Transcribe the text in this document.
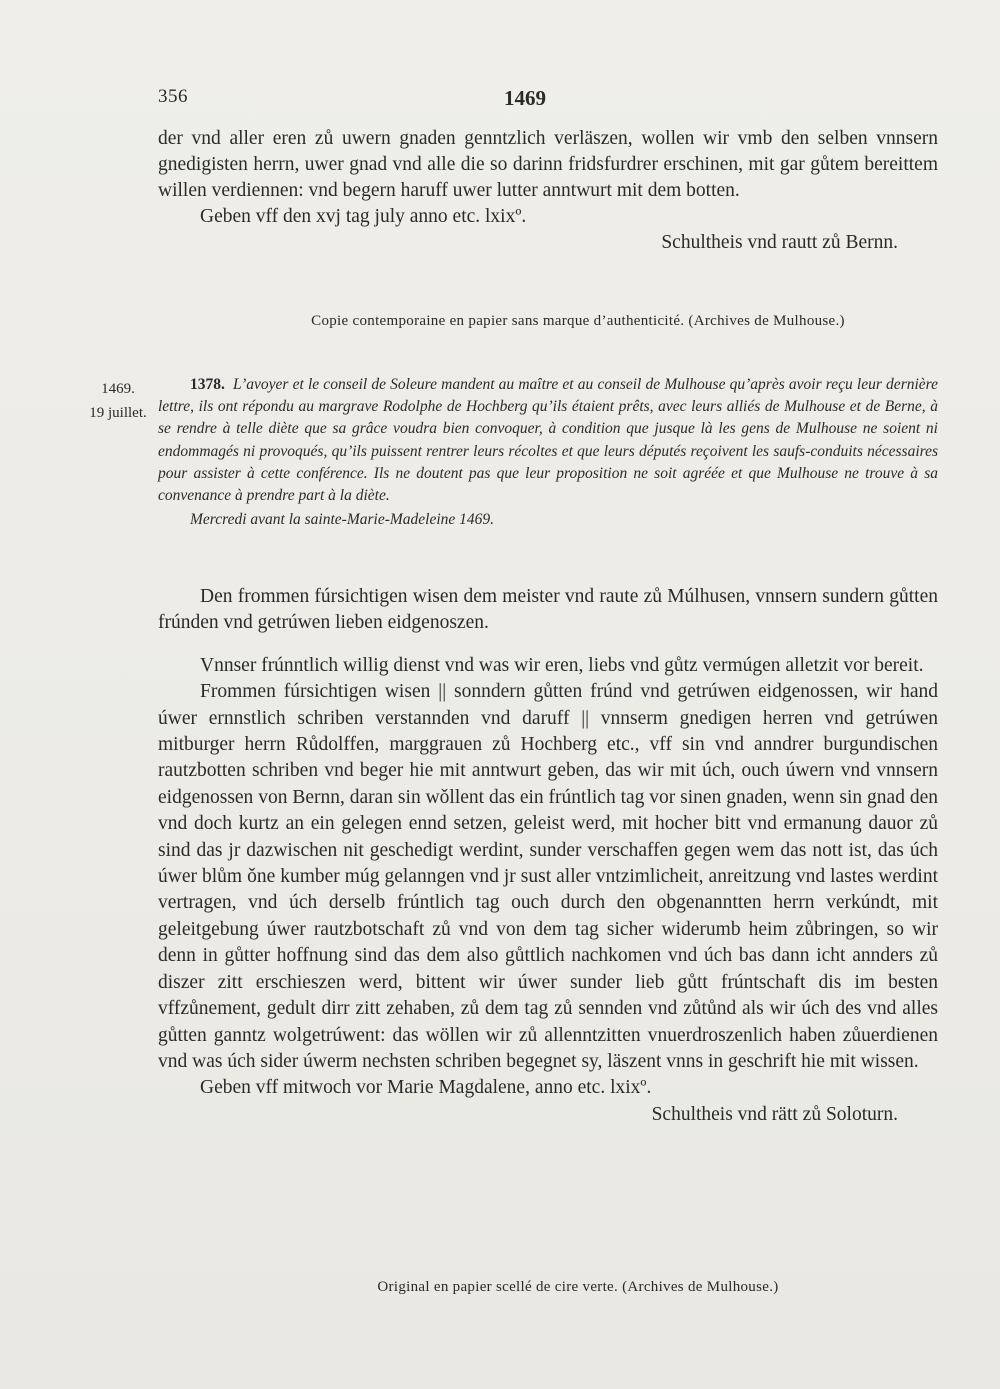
356	1469

der vnd aller eren zů uwern gnaden genntzlich verläszen, wollen wir vmb den selben vnnsern gnedigisten herrn, uwer gnad vnd alle die so darinn fridsfurdrer erschinen, mit gar gůtem bereittem willen verdiennen: vnd begern haruff uwer lutter anntwurt mit dem botten.

Geben vff den xvj tag july anno etc. lxixº.

Schultheis vnd rautt zů Bernn.

Copie contemporaine en papier sans marque d’authenticité. (Archives de Mulhouse.)
1469.
19 juillet.
1378. L’avoyer et le conseil de Soleure mandent au maître et au conseil de Mulhouse qu’après avoir reçu leur dernière lettre, ils ont répondu au margrave Rodolphe de Hochberg qu’ils étaient prêts, avec leurs alliés de Mulhouse et de Berne, à se rendre à telle diète que sa grâce voudra bien convoquer, à condition que jusque là les gens de Mulhouse ne soient ni endommagés ni provoqués, qu’ils puissent rentrer leurs récoltes et que leurs députés reçoivent les saufs-conduits nécessaires pour assister à cette conférence. Ils ne doutent pas que leur proposition ne soit agréée et que Mulhouse ne trouve à sa convenance à prendre part à la diète.
Mercredi avant la sainte-Marie-Madeleine 1469.

Den frommen fúrsichtigen wisen dem meister vnd raute zů Múlhusen, vnnsern sundern gůtten frúnden vnd getrúwen lieben eidgenoszen.

Vnnser frúnntlich willig dienst vnd was wir eren, liebs vnd gůtz vermúgen alletzit vor bereit.

Frommen fúrsichtigen wisen || sonndern gůtten frúnd vnd getrúwen eidgenossen, wir hand úwer ernnstlich schriben verstannden vnd daruff || vnnserm gnedigen herren vnd getrúwen mitburger herrn Růdolffen, marggrauen zů Hochberg etc., vff sin vnd anndrer burgundischen rautzbotten schriben vnd beger hie mit anntwurt geben, das wir mit úch, ouch úwern vnd vnnsern eidgenossen von Bernn, daran sin wǒllent das ein frúntlich tag vor sinen gnaden, wenn sin gnad den vnd doch kurtz an ein gelegen ennd setzen, geleist werd, mit hocher bitt vnd ermanung dauor zů sind das jr dazwischen nit geschedigt werdint, sunder verschaffen gegen wem das nott ist, das úch úwer blům ǒne kumber múg gelanngen vnd jr sust aller vntzimlicheit, anreitzung vnd lastes werdint vertragen, vnd úch derselb frúntlich tag ouch durch den obgenanntten herrn verkúndt, mit geleitgebung úwer rautzbotschaft zů vnd von dem tag sicher widerumb heim zůbringen, so wir denn in gůtter hoffnung sind das dem also gůttlich nachkomen vnd úch bas dann icht annders zů diszer zitt erschieszen werd, bittent wir úwer sunder lieb gůtt frúntschaft dis im besten vffzůnement, gedult dirr zitt zehaben, zů dem tag zů sennden vnd zůtůnd als wir úch des vnd alles gůtten ganntz wolgetrúwent: das wöllen wir zů allenntzitten vnuerdroszenlich haben zůuerdienen vnd was úch sider úwerm nechsten schriben begegnet sy, läszent vnns in geschrift hie mit wissen.

Geben vff mitwoch vor Marie Magdalene, anno etc. lxixº.

Schultheis vnd rätt zů Soloturn.

Original en papier scellé de cire verte. (Archives de Mulhouse.)
